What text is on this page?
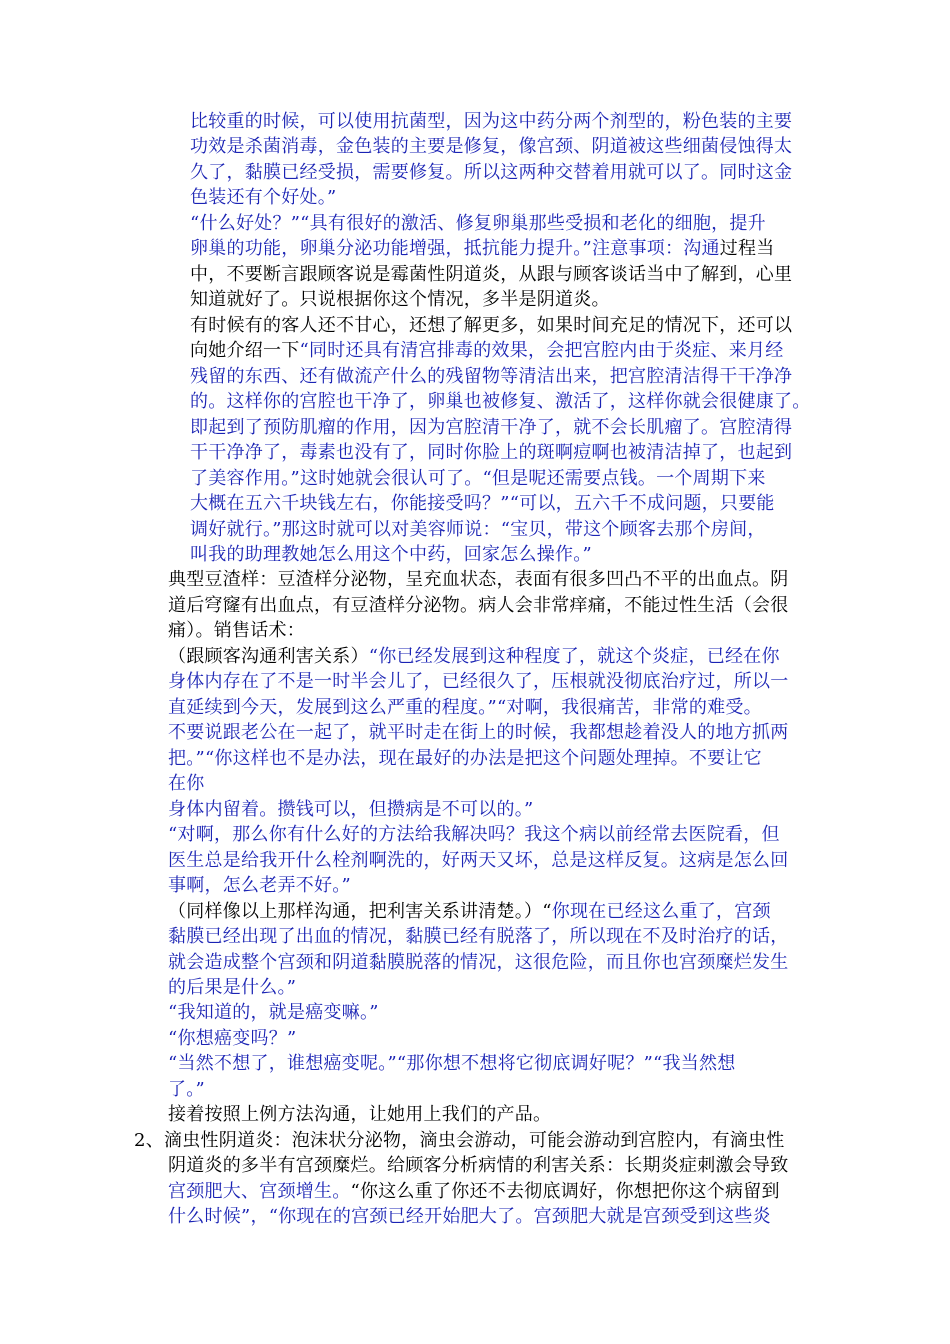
比较重的时候，可以使用抗菌型，因为这中药分两个剂型的，粉色装的主要
功效是杀菌消毒，金色装的主要是修复，像宫颈、阴道被这些细菌侵蚀得太
久了，黏膜已经受损，需要修复。所以这两种交替着用就可以了。同时这金
色装还有个好处。”
“什么好处？”“具有很好的激活、修复卵巢那些受损和老化的细胞，提升
卵巢的功能，卵巢分泌功能增强，抵抗能力提升。”注意事项：沟通过程当
中，不要断言跟顾客说是霉菌性阴道炎，从跟与顾客谈话当中了解到，心里
知道就好了。只说根据你这个情况，多半是阴道炎。
有时候有的客人还不甘心，还想了解更多，如果时间充足的情况下，还可以
向她介绍一下“同时还具有清宫排毒的效果，会把宫腔内由于炎症、来月经
残留的东西、还有做流产什么的残留物等清洁出来，把宫腔清洁得干干净净
的。这样你的宫腔也干净了，卵巢也被修复、激活了，这样你就会很健康了。
即起到了预防肌瘤的作用，因为宫腔清干净了，就不会长肌瘤了。宫腔清得
干干净净了，毒素也没有了，同时你脸上的斑啊痘啊也被清洁掉了，也起到
了美容作用。”这时她就会很认可了。“但是呢还需要点钱。一个周期下来
大概在五六千块钱左右，你能接受吗？”“可以，五六千不成问题，只要能
调好就行。”那这时就可以对美容师说：“宝贝，带这个顾客去那个房间，
叫我的助理教她怎么用这个中药，回家怎么操作。”
典型豆渣样：豆渣样分泌物，呈充血状态，表面有很多凹凸不平的出血点。阴
道后穹窿有出血点，有豆渣样分泌物。病人会非常痒痛，不能过性生活（会很
痛）。销售话术：
（跟顾客沟通利害关系）“你已经发展到这种程度了，就这个炎症，已经在你
身体内存在了不是一时半会儿了，已经很久了，压根就没彻底治疗过，所以一
直延续到今天，发展到这么严重的程度。”“对啊，我很痛苦，非常的难受。
不要说跟老公在一起了，就平时走在街上的时候，我都想趁着没人的地方抓两
把。”“你这样也不是办法，现在最好的办法是把这个问题处理掉。不要让它
在你
身体内留着。攒钱可以，但攒病是不可以的。”
“对啊，那么你有什么好的方法给我解决吗？我这个病以前经常去医院看，但
医生总是给我开什么栓剂啊洗的，好两天又坏，总是这样反复。这病是怎么回
事啊，怎么老弄不好。”
（同样像以上那样沟通，把利害关系讲清楚。）“你现在已经这么重了，宫颈
黏膜已经出现了出血的情况，黏膜已经有脱落了，所以现在不及时治疗的话，
就会造成整个宫颈和阴道黏膜脱落的情况，这很危险，而且你也宫颈糜烂发生
的后果是什么。”
“我知道的，就是癌变嘛。”
“你想癌变吗？”
“当然不想了，谁想癌变呢。”“那你想不想将它彻底调好呢？”“我当然想
了。”
接着按照上例方法沟通，让她用上我们的产品。
2、滴虫性阴道炎：泡沫状分泌物，滴虫会游动，可能会游动到宫腔内，有滴虫性
阴道炎的多半有宫颈糜烂。给顾客分析病情的利害关系：长期炎症刺激会导致
宫颈肥大、宫颈增生。“你这么重了你还不去彻底调好，你想把你这个病留到
什么时候”，“你现在的宫颈已经开始肥大了。宫颈肥大就是宫颈受到这些炎
